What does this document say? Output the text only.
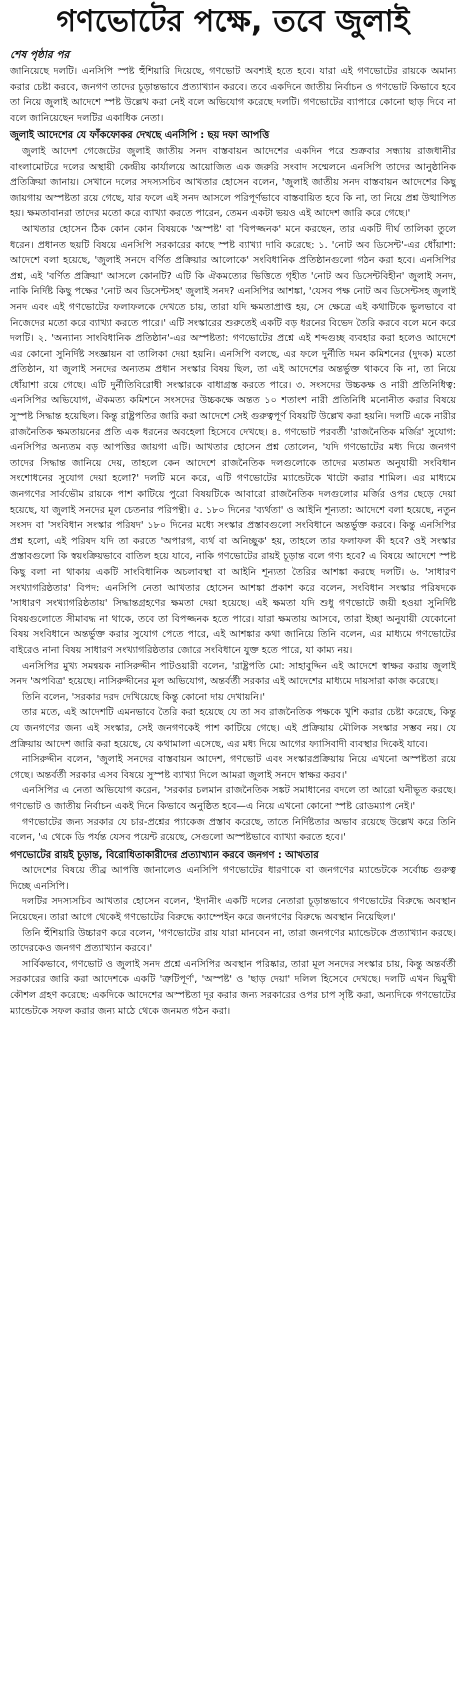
গণভোটের পক্ষে, তবে জুলাই
শেষ পৃষ্ঠার পর

জানিয়েছে দলটি। এনসিপি স্পষ্ট হুঁশিয়ারি দিয়েছে, গণভোট অবশ্যই হতে হবে। যারা এই গণভোটের রায়কে অমান্য করার চেষ্টা করবে, জনগণ তাদের চূড়ান্তভাবে প্রত্যাখ্যান করবে। তবে একদিনে জাতীয় নির্বাচন ও গণভোট কিভাবে হবে তা নিয়ে জুলাই আদেশে স্পষ্ট উল্লেখ করা নেই বলে অভিযোগ করেছে দলটি। গণভোটের ব্যাপারে কোনো ছাড় দিবে না বলে জানিয়েছেন দলটির একাধিক নেতা।

জুলাই আদেশের যে ফাঁকফোকর দেখছে এনসিপি : ছয় দফা আপত্তি

জুলাই আদেশ গেজেটের জুলাই জাতীয় সনদ বাস্তবায়ন আদেশের একদিন পরে শুক্রবার সন্ধ্যায় রাজধানীর বাংলামোটরে দলের অস্থায়ী কেন্দ্রীয় কার্যালয়ে আয়োজিত এক জরুরি সংবাদ সম্মেলনে এনসিপি তাদের আনুষ্ঠানিক প্রতিক্রিয়া জানায়। সেখানে দলের সদস্যসচিব আখতার হোসেন বলেন, 'জুলাই জাতীয় সনদ বাস্তবায়ন আদেশের কিছু জায়গায় অস্পষ্টতা রয়ে গেছে, যার ফলে এই সনদ আসলে পরিপূর্ণভাবে বাস্তবায়িত হবে কি না, তা নিয়ে প্রশ্ন উত্থাপিত হয়। ক্ষমতাবানরা তাদের মতো করে ব্যাখ্যা করতে পারেন, তেমন একটা ভয়ও এই আদেশ জারি করে গেছে।'

আখতার হোসেন ঠিক কোন কোন বিষয়কে 'অস্পষ্ট' বা 'বিপজ্জনক' মনে করছেন, তার একটি দীর্ঘ তালিকা তুলে ধরেন। প্রধানত ছয়টি বিষয়ে এনসিপি সরকারের কাছে স্পষ্ট ব্যাখ্যা দাবি করেছে: ১. 'নোট অব ডিসেন্ট'-এর ধোঁয়াশা: আদেশে বলা হয়েছে, 'জুলাই সনদে বর্ণিত প্রক্রিয়ার আলোকে' সংবিধানিক প্রতিষ্ঠানগুলো গঠন করা হবে। এনসিপির প্রশ্ন, এই 'বর্ণিত প্রক্রিয়া' আসলে কোনটি? এটি কি ঐকমত্যের ভিত্তিতে গৃহীত 'নোট অব ডিসেন্টবিহীন' জুলাই সনদ, নাকি নির্দিষ্ট কিছু পক্ষের 'নোট অব ডিসেন্টসহ' জুলাই সনদ? এনসিপির আশঙ্কা, 'যেসব পক্ষ নোট অব ডিসেন্টসহ জুলাই সনদ এবং এই গণভোটের ফলাফলকে দেখতে চায়, তারা যদি ক্ষমতাপ্রাপ্ত হয়, সে ক্ষেত্রে এই কথাটিকে ভুলভাবে বা নিজেদের মতো করে ব্যাখ্যা করতে পারে।' এটি সংস্কারের শুরুতেই একটি বড় ধরনের বিভেদ তৈরি করবে বলে মনে করে দলটি। ২. 'অন্যান্য সাংবিধানিক প্রতিষ্ঠান'-এর অস্পষ্টতা: গণভোটের প্রশ্নে এই শব্দগুচ্ছ ব্যবহার করা হলেও আদেশে এর কোনো সুনির্দিষ্ট সংজ্ঞায়ন বা তালিকা দেয়া হয়নি। এনসিপি বলছে, এর ফলে দুর্নীতি দমন কমিশনের (দুদক) মতো প্রতিষ্ঠান, যা জুলাই সনদের অন্যতম প্রধান সংস্কার বিষয় ছিল, তা এই আদেশের অন্তর্ভুক্ত থাকবে কি না, তা নিয়ে ধোঁয়াশা রয়ে গেছে। এটি দুর্নীতিবিরোধী সংস্কারকে বাধাগ্রস্ত করতে পারে। ৩. সংসদের উচ্চকক্ষ ও নারী প্রতিনিধিত্ব: এনসিপির অভিযোগ, ঐকমত্য কমিশনে সংসদের উচ্চকক্ষে অন্তত ১০ শতাংশ নারী প্রতিনিধি মনোনীত করার বিষয়ে সুস্পষ্ট সিদ্ধান্ত হয়েছিল। কিন্তু রাষ্ট্রপতির জারি করা আদেশে সেই গুরুত্বপূর্ণ বিষয়টি উল্লেখ করা হয়নি। দলটি একে নারীর রাজনৈতিক ক্ষমতায়নের প্রতি এক ধরনের অবহেলা হিসেবে দেখছে। ৪. গণভোট পরবর্তী 'রাজনৈতিক মর্জির' সুযোগ: এনসিপির অন্যতম বড় আপত্তির জায়গা এটি। আখতার হোসেন প্রশ্ন তোলেন, 'যদি গণভোটের মধ্য দিয়ে জনগণ তাদের সিদ্ধান্ত জানিয়ে দেয়, তাহলে কেন আদেশে রাজনৈতিক দলগুলোকে তাদের মতামত অনুযায়ী সংবিধান সংশোধনের সুযোগ দেয়া হলো?' দলটি মনে করে, এটি গণভোটের ম্যান্ডেটকে খাটো করার শামিল। এর মাধ্যমে জনগণের সার্বভৌম রায়কে পাশ কাটিয়ে পুরো বিষয়টিকে আবারো রাজনৈতিক দলগুলোর মর্জির ওপর ছেড়ে দেয়া হয়েছে, যা জুলাই সনদের মূল চেতনার পরিপন্থী। ৫. ১৮০ দিনের 'ব্যর্থতা' ও আইনি শূন্যতা: আদেশে বলা হয়েছে, নতুন সংসদ বা 'সংবিধান সংস্কার পরিষদ' ১৮০ দিনের মধ্যে সংস্কার প্রস্তাবগুলো সংবিধানে অন্তর্ভুক্ত করবে। কিন্তু এনসিপির প্রশ্ন হলো, এই পরিষদ যদি তা করতে 'অপারগ, ব্যর্থ বা অনিচ্ছুক' হয়, তাহলে তার ফলাফল কী হবে? ওই সংস্কার প্রস্তাবগুলো কি স্বয়ংক্রিয়ভাবে বাতিল হয়ে যাবে, নাকি গণভোটের রায়ই চূড়ান্ত বলে গণ্য হবে? এ বিষয়ে আদেশে স্পষ্ট কিছু বলা না থাকায় একটি সাংবিধানিক অচলাবস্থা বা আইনি শূন্যতা তৈরির আশঙ্কা করছে দলটি। ৬. 'সাধারণ সংখ্যাগরিষ্ঠতার' বিপদ: এনসিপি নেতা আখতার হোসেন আশঙ্কা প্রকাশ করে বলেন, সংবিধান সংস্কার পরিষদকে 'সাধারণ সংখ্যাগরিষ্ঠতায়' সিদ্ধান্তগ্রহণের ক্ষমতা দেয়া হয়েছে। এই ক্ষমতা যদি শুধু গণভোটে জয়ী হওয়া সুনির্দিষ্ট বিষয়গুলোতে সীমাবদ্ধ না থাকে, তবে তা বিপজ্জনক হতে পারে। যারা ক্ষমতায় আসবে, তারা ইচ্ছা অনুযায়ী যেকোনো বিষয় সংবিধানে অন্তর্ভুক্ত করার সুযোগ পেতে পারে, এই আশঙ্কার কথা জানিয়ে তিনি বলেন, এর মাধ্যমে গণভোটের বাইরেও নানা বিষয় সাধারণ সংখ্যাগরিষ্ঠতার জোরে সংবিধানে যুক্ত হতে পারে, যা কাম্য নয়।

এনসিপির মুখ্য সমন্বয়ক নাসিরুদ্দীন পাটওয়ারী বলেন, 'রাষ্ট্রপতি মো: সাহাবুদ্দিন এই আদেশে স্বাক্ষর করায় জুলাই সনদ 'অপবিত্র' হয়েছে। নাসিরুদ্দীনের মূল অভিযোগ, অন্তর্বর্তী সরকার এই আদেশের মাধ্যমে দায়সারা কাজ করেছে।

তিনি বলেন, 'সরকার দরদ দেখিয়েছে কিন্তু কোনো দায় দেখায়নি।'

তার মতে, এই আদেশটি এমনভাবে তৈরি করা হয়েছে যে তা সব রাজনৈতিক পক্ষকে খুশি করার চেষ্টা করেছে, কিন্তু যে জনগণের জন্য এই সংস্কার, সেই জনগণকেই পাশ কাটিয়ে গেছে। এই প্রক্রিয়ায় মৌলিক সংস্কার সম্ভব নয়। যে প্রক্রিয়ায় আদেশ জারি করা হয়েছে, যে কথামালা এসেছে, এর মধ্য দিয়ে আগের ফ্যাসিবাদী ব্যবস্থার দিকেই যাবে।

নাসিরুদ্দীন বলেন, 'জুলাই সনদের বাস্তবায়ন আদেশ, গণভোট এবং সংস্কারপ্রক্রিয়ায় নিয়ে এখনো অস্পষ্টতা রয়ে গেছে। অন্তর্বর্তী সরকার এসব বিষয়ে সুস্পষ্ট ব্যাখ্যা দিলে আমরা জুলাই সনদে স্বাক্ষর করব।'

এনসিপির এ নেতা অভিযোগ করেন, 'সরকার চলমান রাজনৈতিক সঙ্কট সমাধানের বদলে তা আরো ঘনীভূত করছে। গণভোট ও জাতীয় নির্বাচন একই দিনে কিভাবে অনুষ্ঠিত হবে—এ নিয়ে এখনো কোনো স্পষ্ট রোডম্যাপ নেই।'

গণভোটের জন্য সরকার যে চার-প্রশ্নের প্যাকেজ প্রস্তাব করেছে, তাতে নির্দিষ্টতার অভাব রয়েছে উল্লেখ করে তিনি বলেন, 'এ থেকে ডি পর্যন্ত যেসব পয়েন্ট রয়েছে, সেগুলো অস্পষ্টভাবে ব্যাখ্যা করতে হবে।'

গণভোটের রায়ই চূড়ান্ত, বিরোধিতাকারীদের প্রত্যাখ্যান করবে জনগণ : আখতার

আদেশের বিষয়ে তীব্র আপত্তি জানালেও এনসিপি গণভোটের ধারণাকে বা জনগণের ম্যান্ডেটকে সর্বোচ্চ গুরুত্ব দিচ্ছে এনসিপি।

দলটির সদস্যসচিব আখতার হোসেন বলেন, 'ইদানীং একটি দলের নেতারা চূড়ান্তভাবে গণভোটের বিরুদ্ধে অবস্থান নিয়েছেন। তারা আগে থেকেই গণভোটের বিরুদ্ধে ক্যাম্পেইন করে জনগণের বিরুদ্ধে অবস্থান নিয়েছিল।'

তিনি হুঁশিয়ারি উচ্চারণ করে বলেন, 'গণভোটের রায় যারা মানবেন না, তারা জনগণের ম্যান্ডেটকে প্রত্যাখ্যান করছে। তাদেরকেও জনগণ প্রত্যাখ্যান করবে।'

সার্বিকভাবে, গণভোট ও জুলাই সনদ প্রশ্নে এনসিপির অবস্থান পরিষ্কার, তারা মূল সনদের সংস্কার চায়, কিন্তু অন্তর্বর্তী সরকারের জারি করা আদেশকে একটি 'ত্রুটিপূর্ণ', 'অস্পষ্ট' ও 'ছাড় দেয়া' দলিল হিসেবে দেখছে। দলটি এখন দ্বিমুখী কৌশল গ্রহণ করেছে: একদিকে আদেশের অস্পষ্টতা দূর করার জন্য সরকারের ওপর চাপ সৃষ্টি করা, অন্যদিকে গণভোটের ম্যান্ডেটকে সফল করার জন্য মাঠে থেকে জনমত গঠন করা।
